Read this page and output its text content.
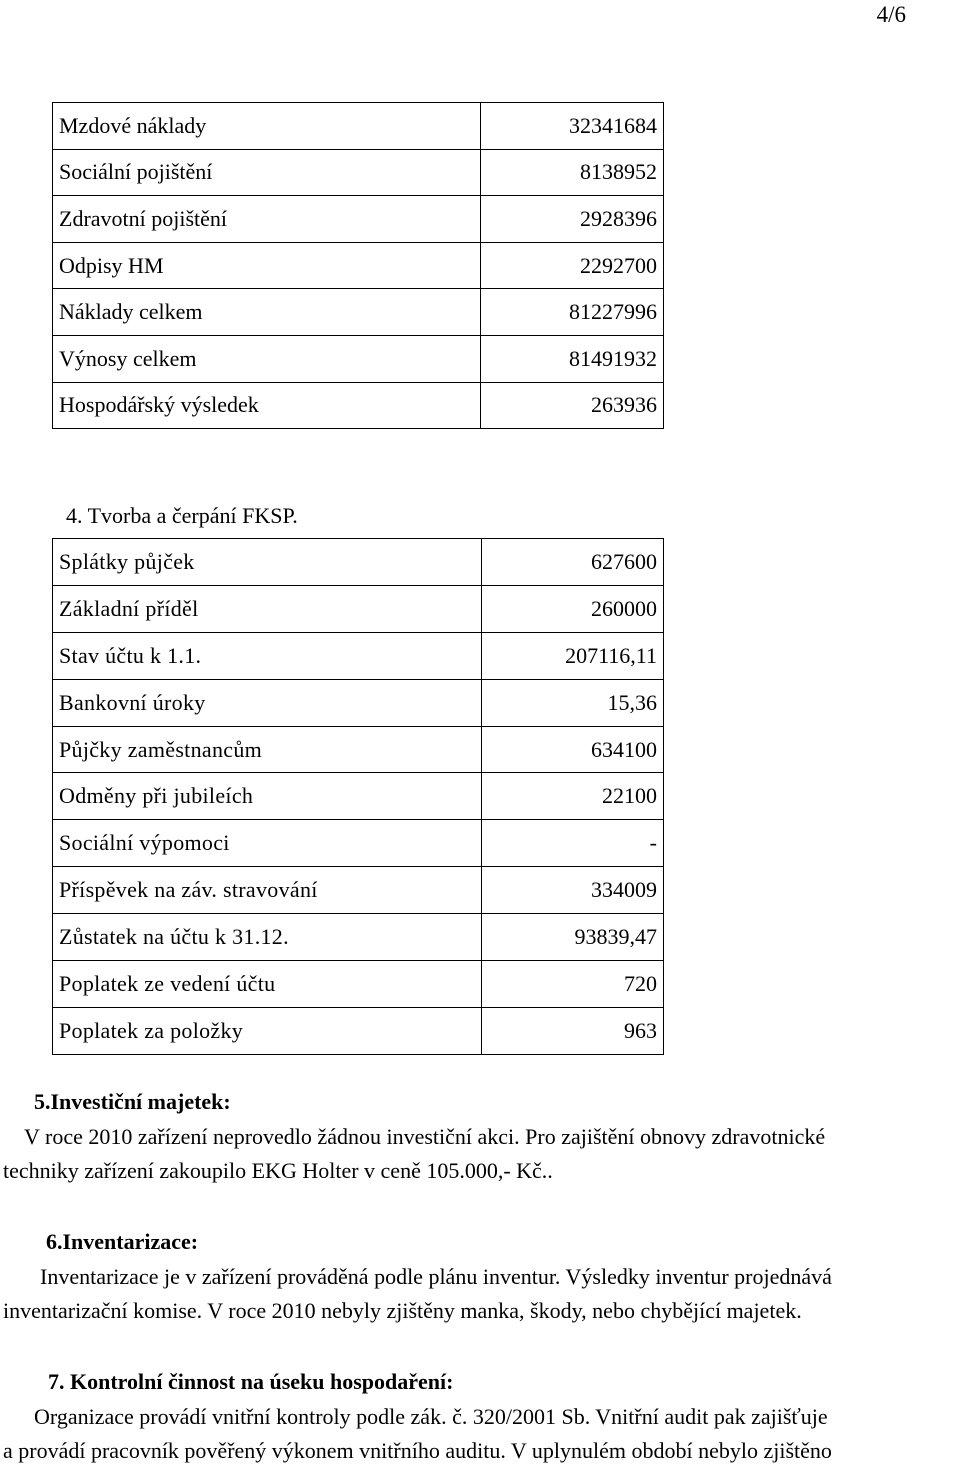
4/6
Mzdové náklady	32341684
Sociální pojištění	8138952
Zdravotní pojištění	2928396
Odpisy HM	2292700
Náklady celkem	81227996
Výnosy celkem	81491932
Hospodářský výsledek	263936
4. Tvorba a čerpání FKSP.
Splátky půjček	627600
Základní příděl	260000
Stav účtu k 1.1.	207116,11
Bankovní úroky	15,36
Půjčky zaměstnancům	634100
Odměny při jubileích	22100
Sociální výpomoci	-
Příspěvek na záv. stravování	334009
Zůstatek na účtu k 31.12.	93839,47
Poplatek ze vedení účtu	720
Poplatek za položky	963
5.Investiční majetek:
V roce 2010 zařízení neprovedlo žádnou investiční akci. Pro zajištění obnovy zdravotnické
techniky zařízení zakoupilo EKG Holter v ceně 105.000,- Kč..
6.Inventarizace:
Inventarizace je v zařízení prováděná podle plánu inventur. Výsledky inventur projednává
inventarizační komise. V roce 2010 nebyly zjištěny manka, škody, nebo chybějící majetek.
7. Kontrolní činnost na úseku hospodaření:
Organizace provádí vnitřní kontroly podle zák. č. 320/2001 Sb. Vnitřní audit pak zajišťuje
a provádí pracovník pověřený výkonem vnitřního auditu. V uplynulém období nebylo zjištěno
